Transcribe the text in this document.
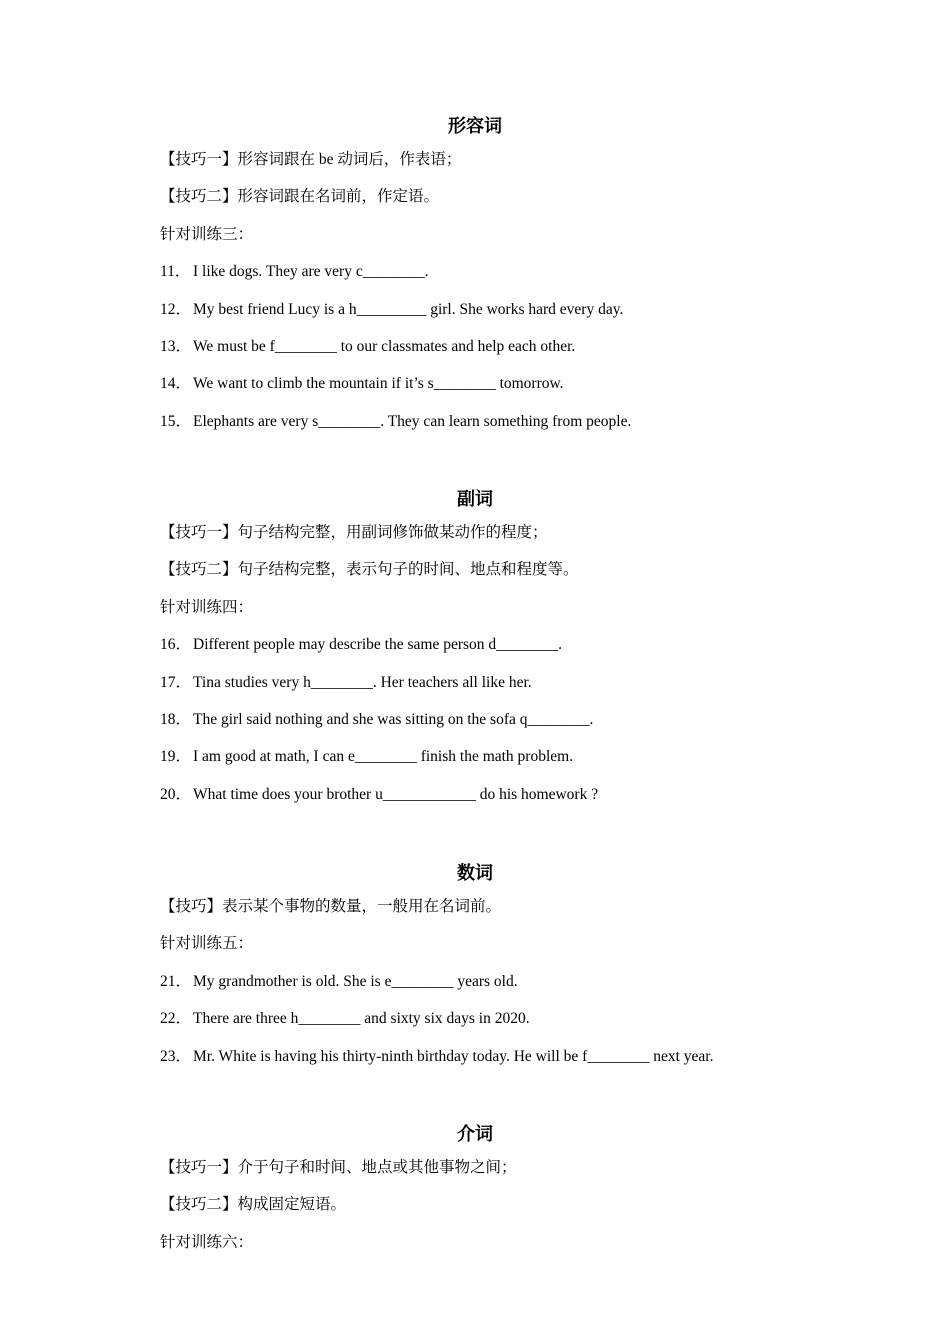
形容词
【技巧一】形容词跟在 be 动词后，作表语；
【技巧二】形容词跟在名词前，作定语。
针对训练三：
11． I like dogs. They are very c________.
12． My best friend Lucy is a h_________ girl. She works hard every day.
13． We must be f________ to our classmates and help each other.
14． We want to climb the mountain if it’s s________ tomorrow.
15． Elephants are very s________. They can learn something from people.
副词
【技巧一】句子结构完整，用副词修饰做某动作的程度；
【技巧二】句子结构完整，表示句子的时间、地点和程度等。
针对训练四：
16． Different people may describe the same person d________.
17． Tina studies very h________. Her teachers all like her.
18． The girl said nothing and she was sitting on the sofa q________.
19． I am good at math, I can e________ finish the math problem.
20． What time does your brother u____________ do his homework ?
数词
【技巧】表示某个事物的数量，一般用在名词前。
针对训练五：
21． My grandmother is old. She is e________ years old.
22． There are three h________ and sixty six days in 2020.
23． Mr. White is having his thirty-ninth birthday today. He will be f________ next year.
介词
【技巧一】介于句子和时间、地点或其他事物之间；
【技巧二】构成固定短语。
针对训练六：
